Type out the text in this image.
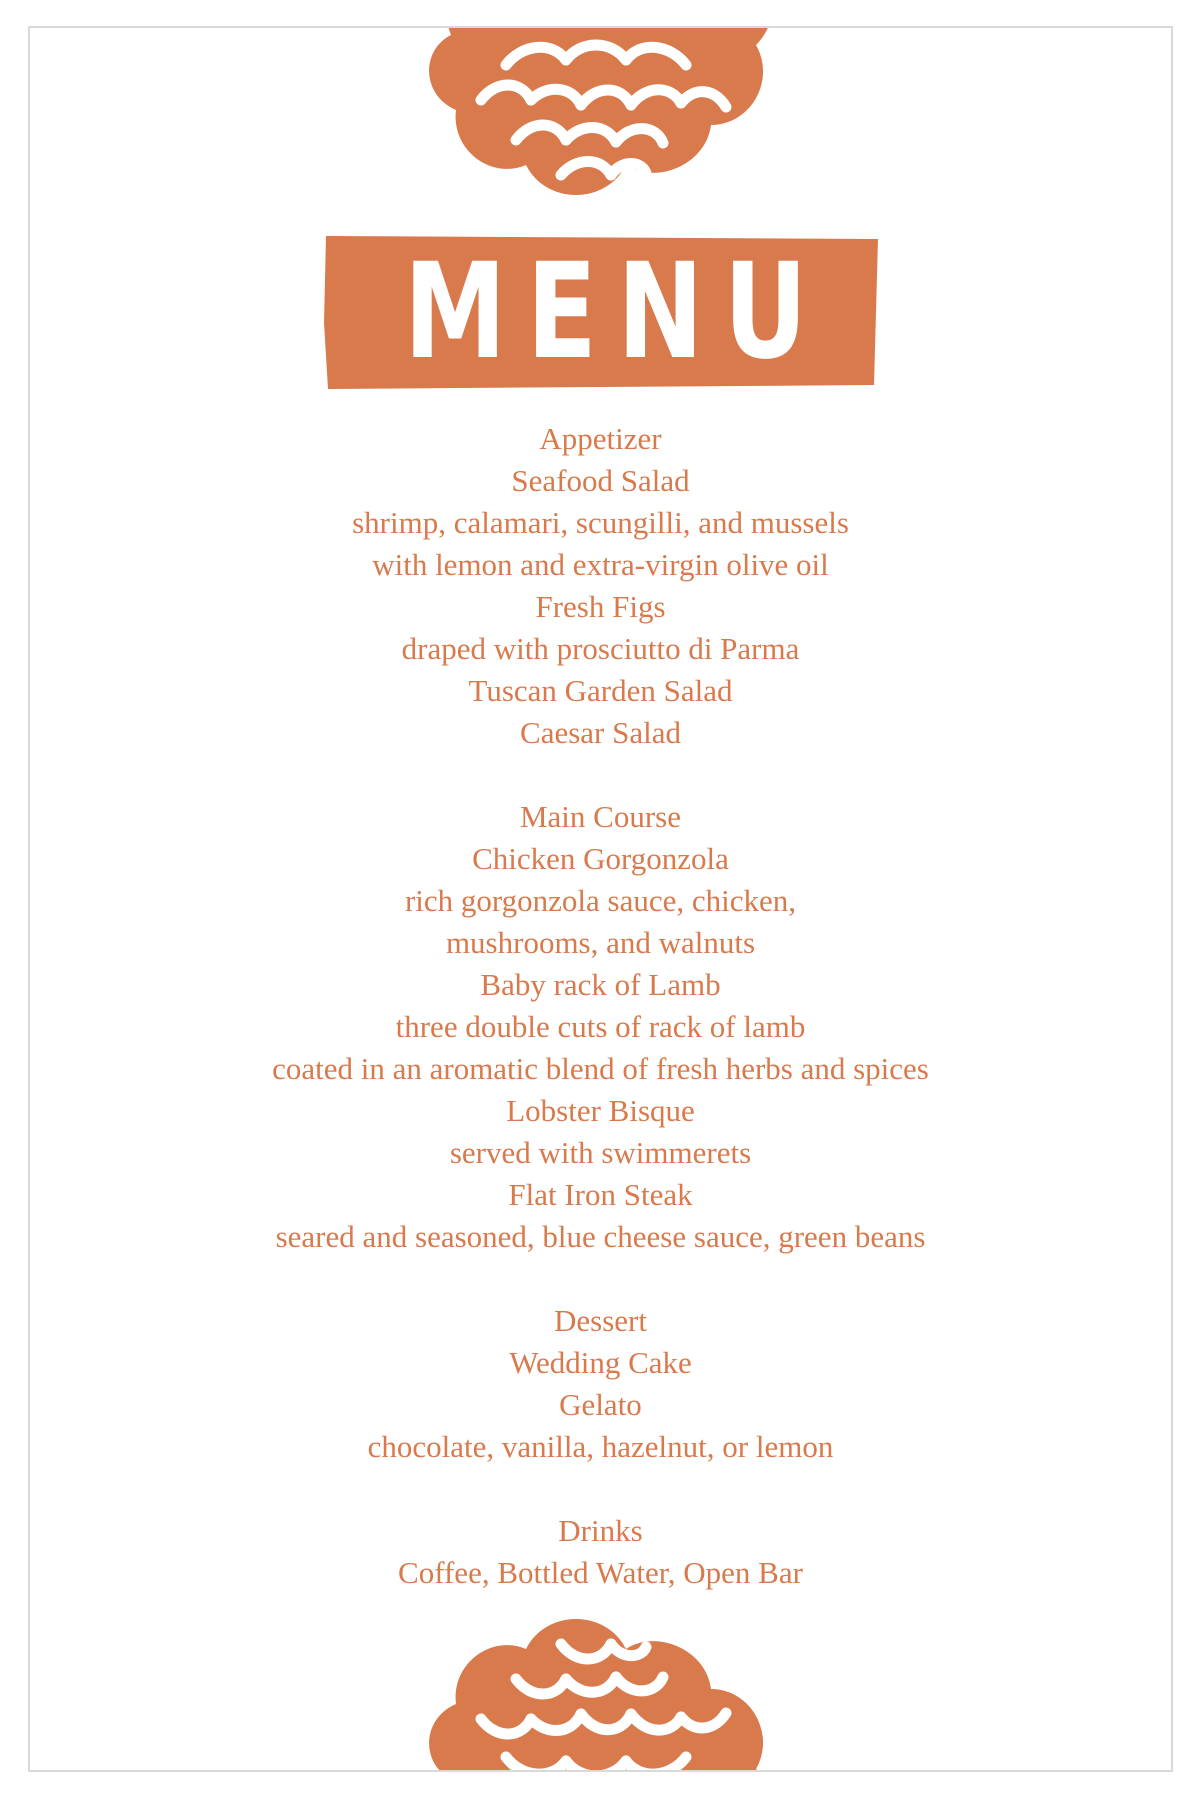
MENU
Appetizer
Seafood Salad
shrimp, calamari, scungilli, and mussels
with lemon and extra-virgin olive oil
Fresh Figs
draped with prosciutto di Parma
Tuscan Garden Salad
Caesar Salad
Main Course
Chicken Gorgonzola
rich gorgonzola sauce, chicken,
mushrooms, and walnuts
Baby rack of Lamb
three double cuts of rack of lamb
coated in an aromatic blend of fresh herbs and spices
Lobster Bisque
served with swimmerets
Flat Iron Steak
seared and seasoned, blue cheese sauce, green beans
Dessert
Wedding Cake
Gelato
chocolate, vanilla, hazelnut, or lemon
Drinks
Coffee, Bottled Water, Open Bar
